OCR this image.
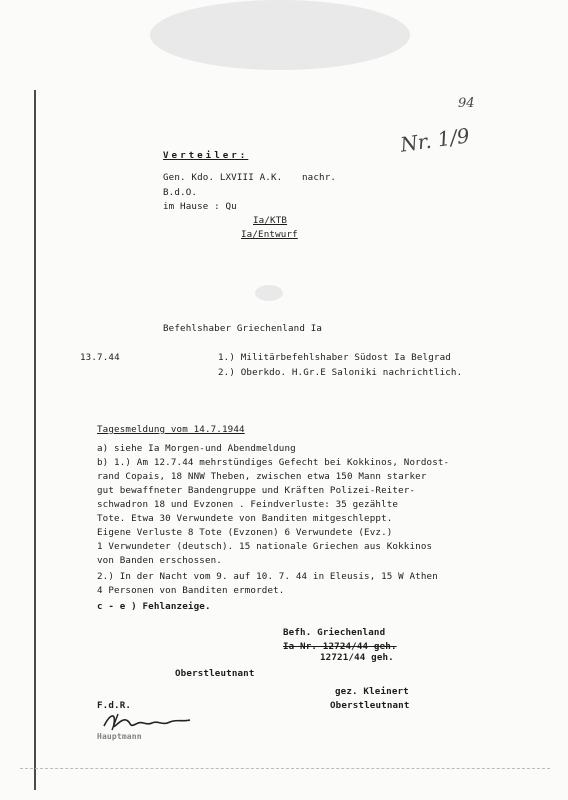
94
Nr. 1/9
Verteiler:
Gen. Kdo. LXVIII A.K. nachr.
B.d.O.
im Hause : Qu
Ia/KTB
Ia/Entwurf
Befehlshaber Griechenland Ia
13.7.44	1.) Militärbefehlshaber Südost Ia Belgrad
2.) Oberkdo. H.Gr.E Saloniki nachrichtlich.
Tagesmeldung vom 14.7.1944
a) siehe Ia Morgen-und Abendmeldung
b) 1.) Am 12.7.44 mehrstündiges Gefecht bei Kokkinos, Nordost-
rand Copais, 18 NNW Theben, zwischen etwa 150 Mann starker
gut bewaffneter Bandengruppe und Kräften Polizei-Reiter-
schwadron 18 und Evzonen . Feindverluste: 35 gezählte
Tote. Etwa 30 Verwundete von Banditen mitgeschleppt.
Eigene Verluste 8 Tote (Evzonen) 6 Verwundete (Evz.)
1 Verwundeter (deutsch). 15 nationale Griechen aus Kokkinos
von Banden erschossen.
2.) In der Nacht vom 9. auf 10. 7. 44 in Eleusis, 15 W Athen
4 Personen von Banditen ermordet.
c - e ) Fehlanzeige.
Befh. Griechenland
Ia Nr. 12724/44 geh.
12721/44 geh.
Oberstleutnant
gez. Kleinert
Oberstleutnant
F.d.R.
Hauptmann
